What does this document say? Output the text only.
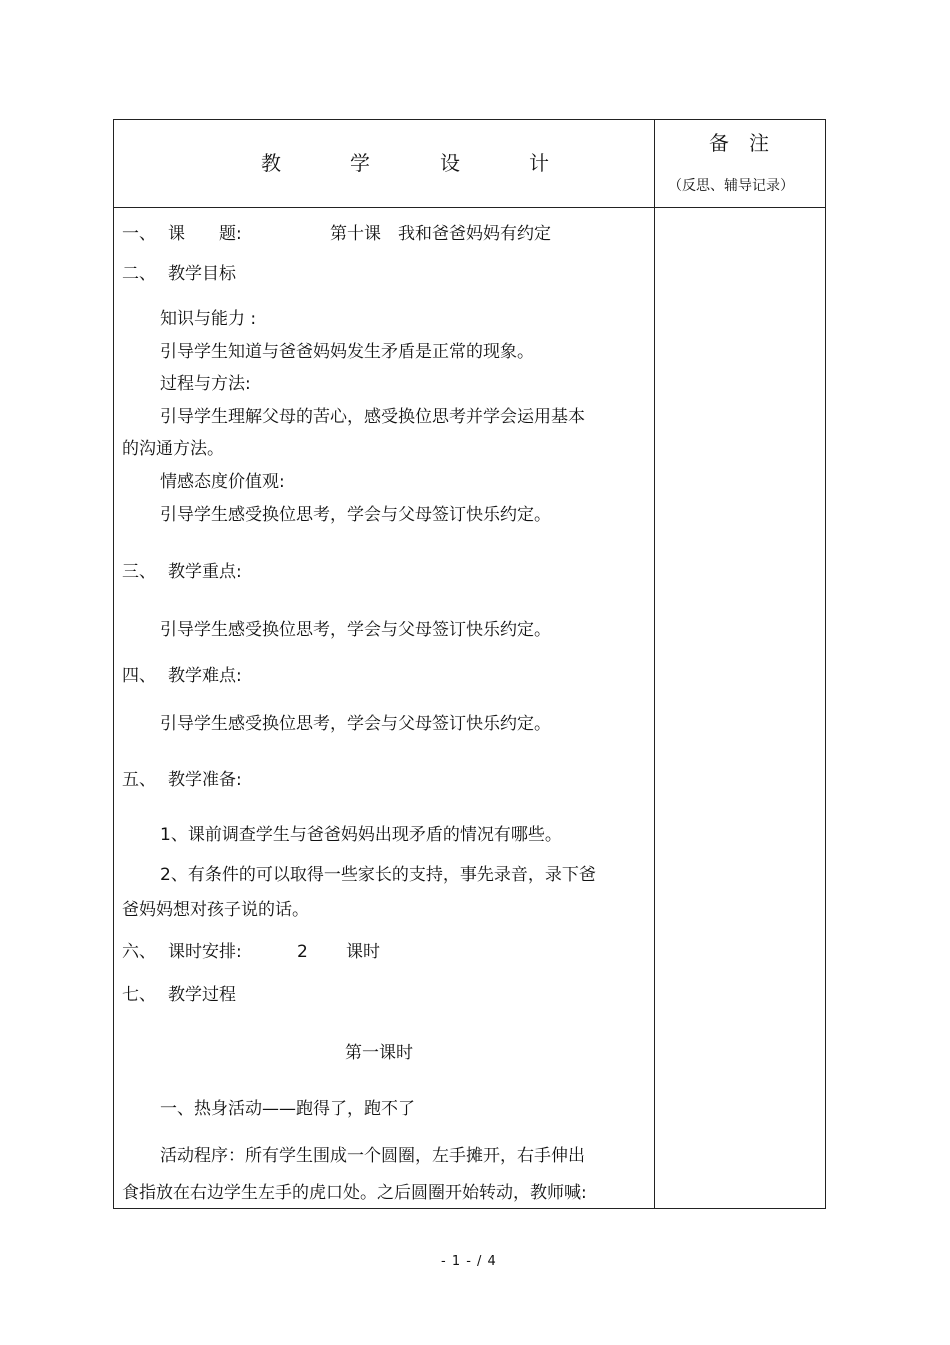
教	学	设	计
备　注
（反思、辅导记录）
一、 课　　题:	第十课　我和爸爸妈妈有约定
二、 教学目标
知识与能力 :
引导学生知道与爸爸妈妈发生矛盾是正常的现象。
过程与方法:
引导学生理解父母的苦心，感受换位思考并学会运用基本
的沟通方法。
情感态度价值观:
引导学生感受换位思考，学会与父母签订快乐约定。
三、 教学重点:
引导学生感受换位思考，学会与父母签订快乐约定。
四、 教学难点:
引导学生感受换位思考，学会与父母签订快乐约定。
五、 教学准备:
1、课前调查学生与爸爸妈妈出现矛盾的情况有哪些。
2、有条件的可以取得一些家长的支持，事先录音，录下爸
爸妈妈想对孩子说的话。
六、 课时安排:	2 课时
七、 教学过程
第一课时
一、热身活动——跑得了，跑不了
活动程序：所有学生围成一个圆圈，左手摊开，右手伸出
食指放在右边学生左手的虎口处。之后圆圈开始转动，教师喊:
- 1 - / 4
